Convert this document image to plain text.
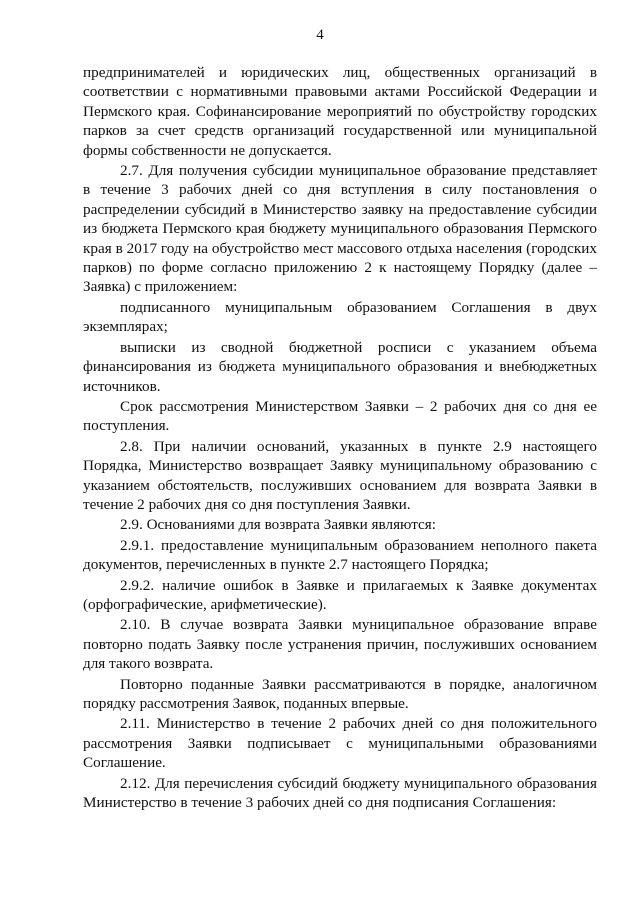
4

предпринимателей и юридических лиц, общественных организаций в соответствии с нормативными правовыми актами Российской Федерации и Пермского края. Софинансирование мероприятий по обустройству городских парков за счет средств организаций государственной или муниципальной формы собственности не допускается.

2.7. Для получения субсидии муниципальное образование представляет в течение 3 рабочих дней со дня вступления в силу постановления о распределении субсидий в Министерство заявку на предоставление субсидии из бюджета Пермского края бюджету муниципального образования Пермского края в 2017 году на обустройство мест массового отдыха населения (городских парков) по форме согласно приложению 2 к настоящему Порядку (далее – Заявка) с приложением:

подписанного муниципальным образованием Соглашения в двух экземплярах;

выписки из сводной бюджетной росписи с указанием объема финансирования из бюджета муниципального образования и внебюджетных источников.

Срок рассмотрения Министерством Заявки – 2 рабочих дня со дня ее поступления.

2.8. При наличии оснований, указанных в пункте 2.9 настоящего Порядка, Министерство возвращает Заявку муниципальному образованию с указанием обстоятельств, послуживших основанием для возврата Заявки в течение 2 рабочих дня со дня поступления Заявки.

2.9. Основаниями для возврата Заявки являются:

2.9.1. предоставление муниципальным образованием неполного пакета документов, перечисленных в пункте 2.7 настоящего Порядка;

2.9.2. наличие ошибок в Заявке и прилагаемых к Заявке документах (орфографические, арифметические).

2.10. В случае возврата Заявки муниципальное образование вправе повторно подать Заявку после устранения причин, послуживших основанием для такого возврата.

Повторно поданные Заявки рассматриваются в порядке, аналогичном порядку рассмотрения Заявок, поданных впервые.

2.11. Министерство в течение 2 рабочих дней со дня положительного рассмотрения Заявки подписывает с муниципальными образованиями Соглашение.

2.12. Для перечисления субсидий бюджету муниципального образования Министерство в течение 3 рабочих дней со дня подписания Соглашения:
